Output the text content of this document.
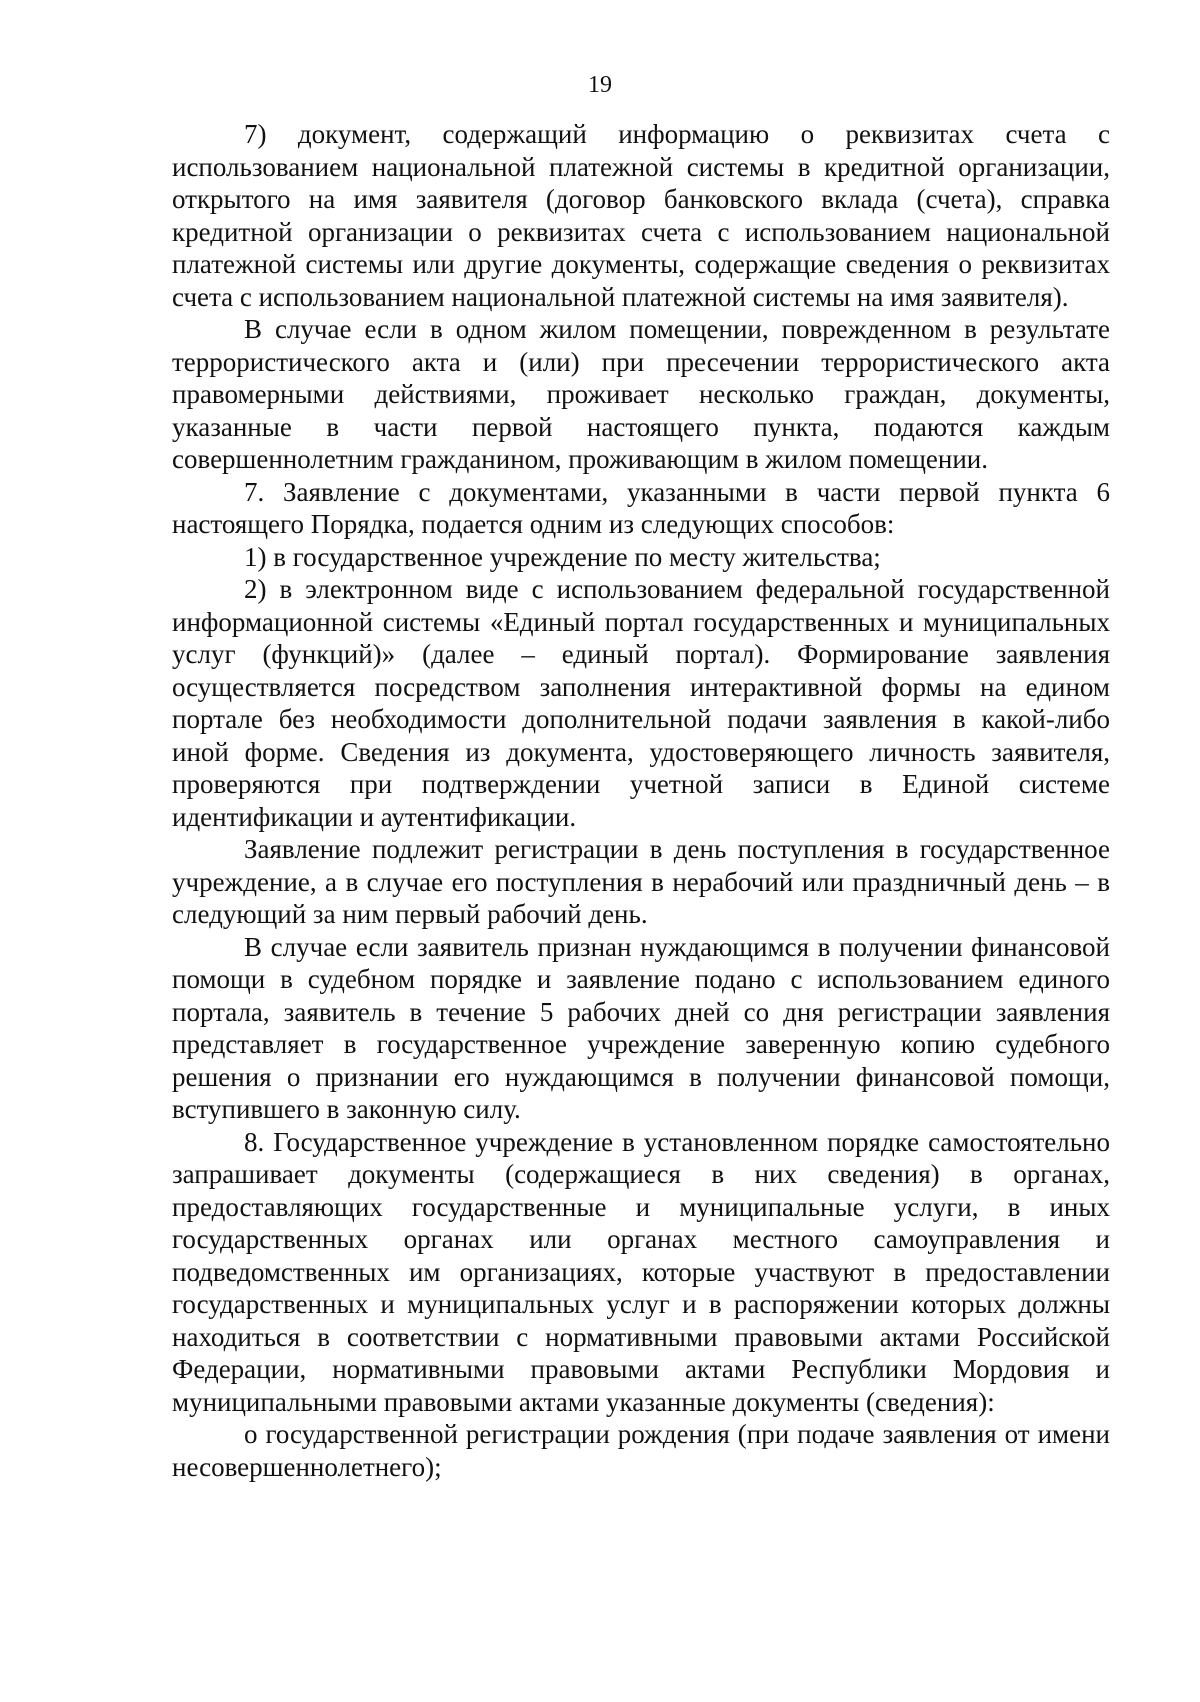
19

7) документ, содержащий информацию о реквизитах счета с использованием национальной платежной системы в кредитной организации, открытого на имя заявителя (договор банковского вклада (счета), справка кредитной организации о реквизитах счета с использованием национальной платежной системы или другие документы, содержащие сведения о реквизитах счета с использованием национальной платежной системы на имя заявителя).

В случае если в одном жилом помещении, поврежденном в результате террористического акта и (или) при пресечении террористического акта правомерными действиями, проживает несколько граждан, документы, указанные в части первой настоящего пункта, подаются каждым совершеннолетним гражданином, проживающим в жилом помещении.

7. Заявление с документами, указанными в части первой пункта 6 настоящего Порядка, подается одним из следующих способов:

1) в государственное учреждение по месту жительства;

2) в электронном виде с использованием федеральной государственной информационной системы «Единый портал государственных и муниципальных услуг (функций)» (далее – единый портал). Формирование заявления осуществляется посредством заполнения интерактивной формы на едином портале без необходимости дополнительной подачи заявления в какой-либо иной форме. Сведения из документа, удостоверяющего личность заявителя, проверяются при подтверждении учетной записи в Единой системе идентификации и аутентификации.

Заявление подлежит регистрации в день поступления в государственное учреждение, а в случае его поступления в нерабочий или праздничный день – в следующий за ним первый рабочий день.

В случае если заявитель признан нуждающимся в получении финансовой помощи в судебном порядке и заявление подано с использованием единого портала, заявитель в течение 5 рабочих дней со дня регистрации заявления представляет в государственное учреждение заверенную копию судебного решения о признании его нуждающимся в получении финансовой помощи, вступившего в законную силу.

8. Государственное учреждение в установленном порядке самостоятельно запрашивает документы (содержащиеся в них сведения) в органах, предоставляющих государственные и муниципальные услуги, в иных государственных органах или органах местного самоуправления и подведомственных им организациях, которые участвуют в предоставлении государственных и муниципальных услуг и в распоряжении которых должны находиться в соответствии с нормативными правовыми актами Российской Федерации, нормативными правовыми актами Республики Мордовия и муниципальными правовыми актами указанные документы (сведения):

о государственной регистрации рождения (при подаче заявления от имени несовершеннолетнего);
